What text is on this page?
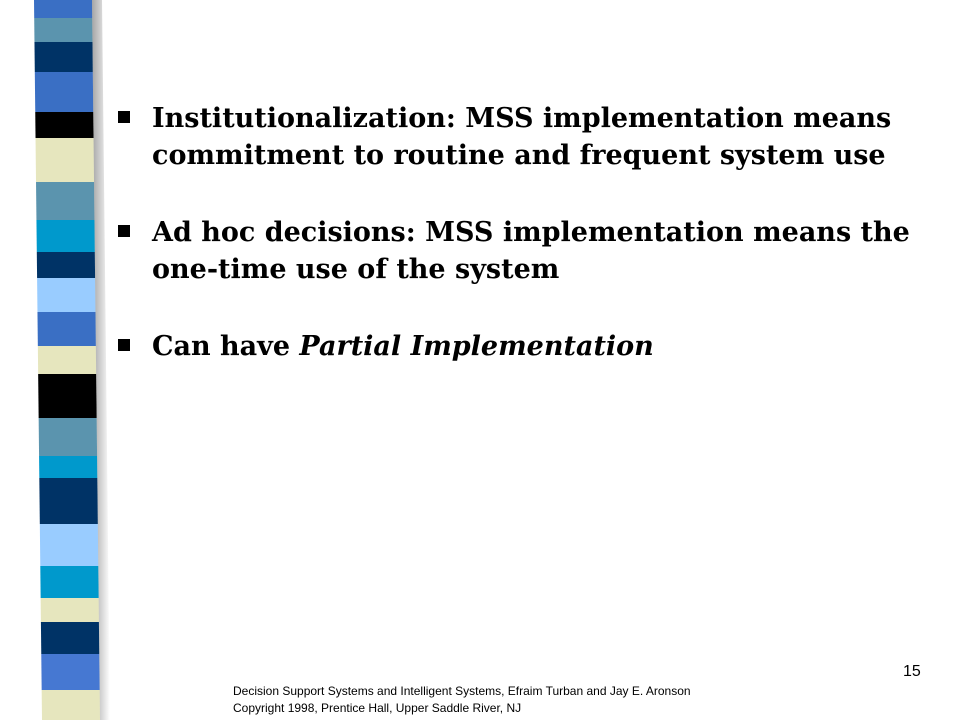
Institutionalization: MSS implementation means commitment to routine and frequent system use
Ad hoc decisions: MSS implementation means the one-time use of the system
Can have Partial Implementation
Decision Support Systems and Intelligent Systems, Efraim Turban and Jay E. Aronson
Copyright 1998, Prentice Hall, Upper Saddle River, NJ
15
